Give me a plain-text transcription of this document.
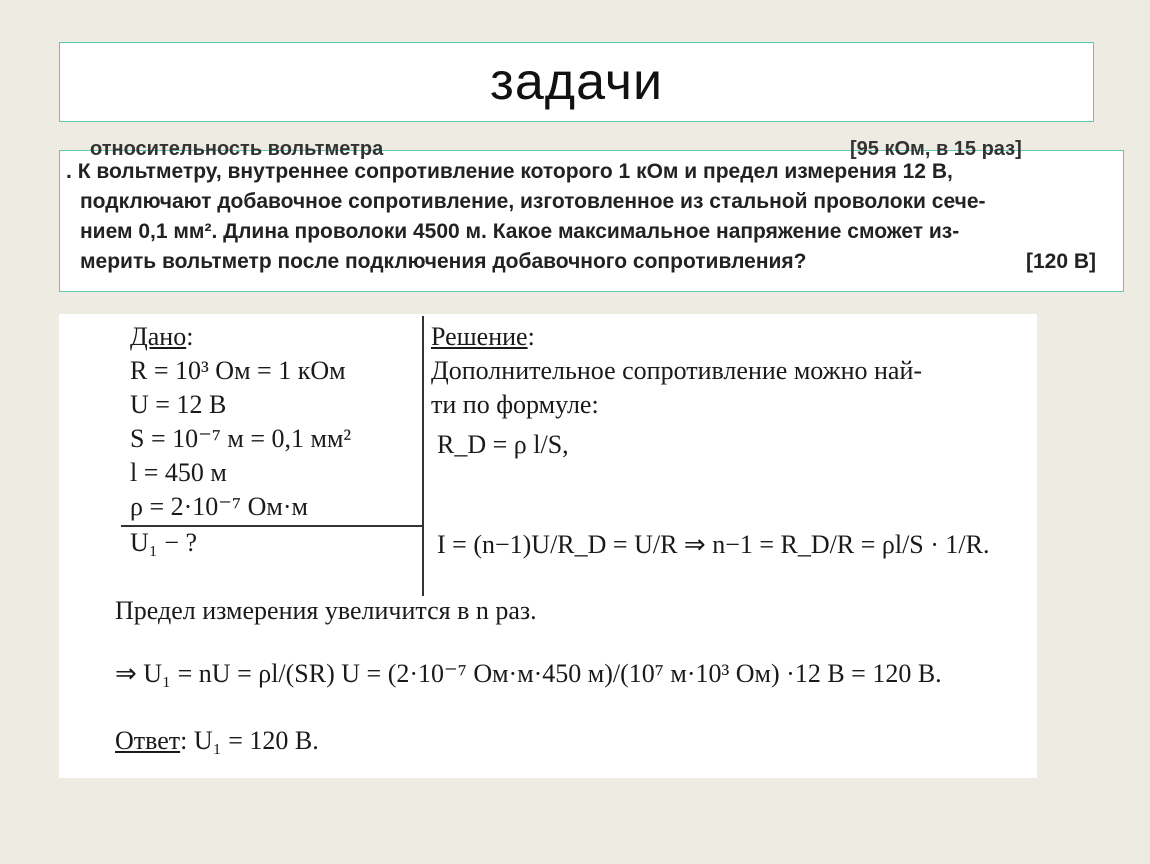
задачи
относительность вольтметра	[95 кОм, в 15 раз]
. К вольтметру, внутреннее сопротивление которого 1 кОм и предел измерения 12 В,
подключают добавочное сопротивление, изготовленное из стальной проволоки сече-
нием 0,1 мм². Длина проволоки 4500 м. Какое максимальное напряжение сможет из-
мерить вольтметр после подключения добавочного сопротивления?	[120 В]
Дано:
R = 10³ Ом = 1 кОм
U = 12 В
S = 10⁻⁷ м = 0,1 мм²
l = 450 м
ρ = 2·10⁻⁷ Ом·м
U₁ − ?
Решение:
Дополнительное сопротивление можно най-
ти по формуле:
R_D = ρ l/S,
I = (n−1)U/R_D = U/R ⇒ n−1 = R_D/R = ρl/S · 1/R.
Предел измерения увеличится в n раз.
⇒ U₁ = nU = ρl/(SR) U = (2·10⁻⁷ Ом·м·450 м)/(10⁷ м·10³ Ом) ·12 В = 120 В.
Ответ: U₁ = 120 В.
